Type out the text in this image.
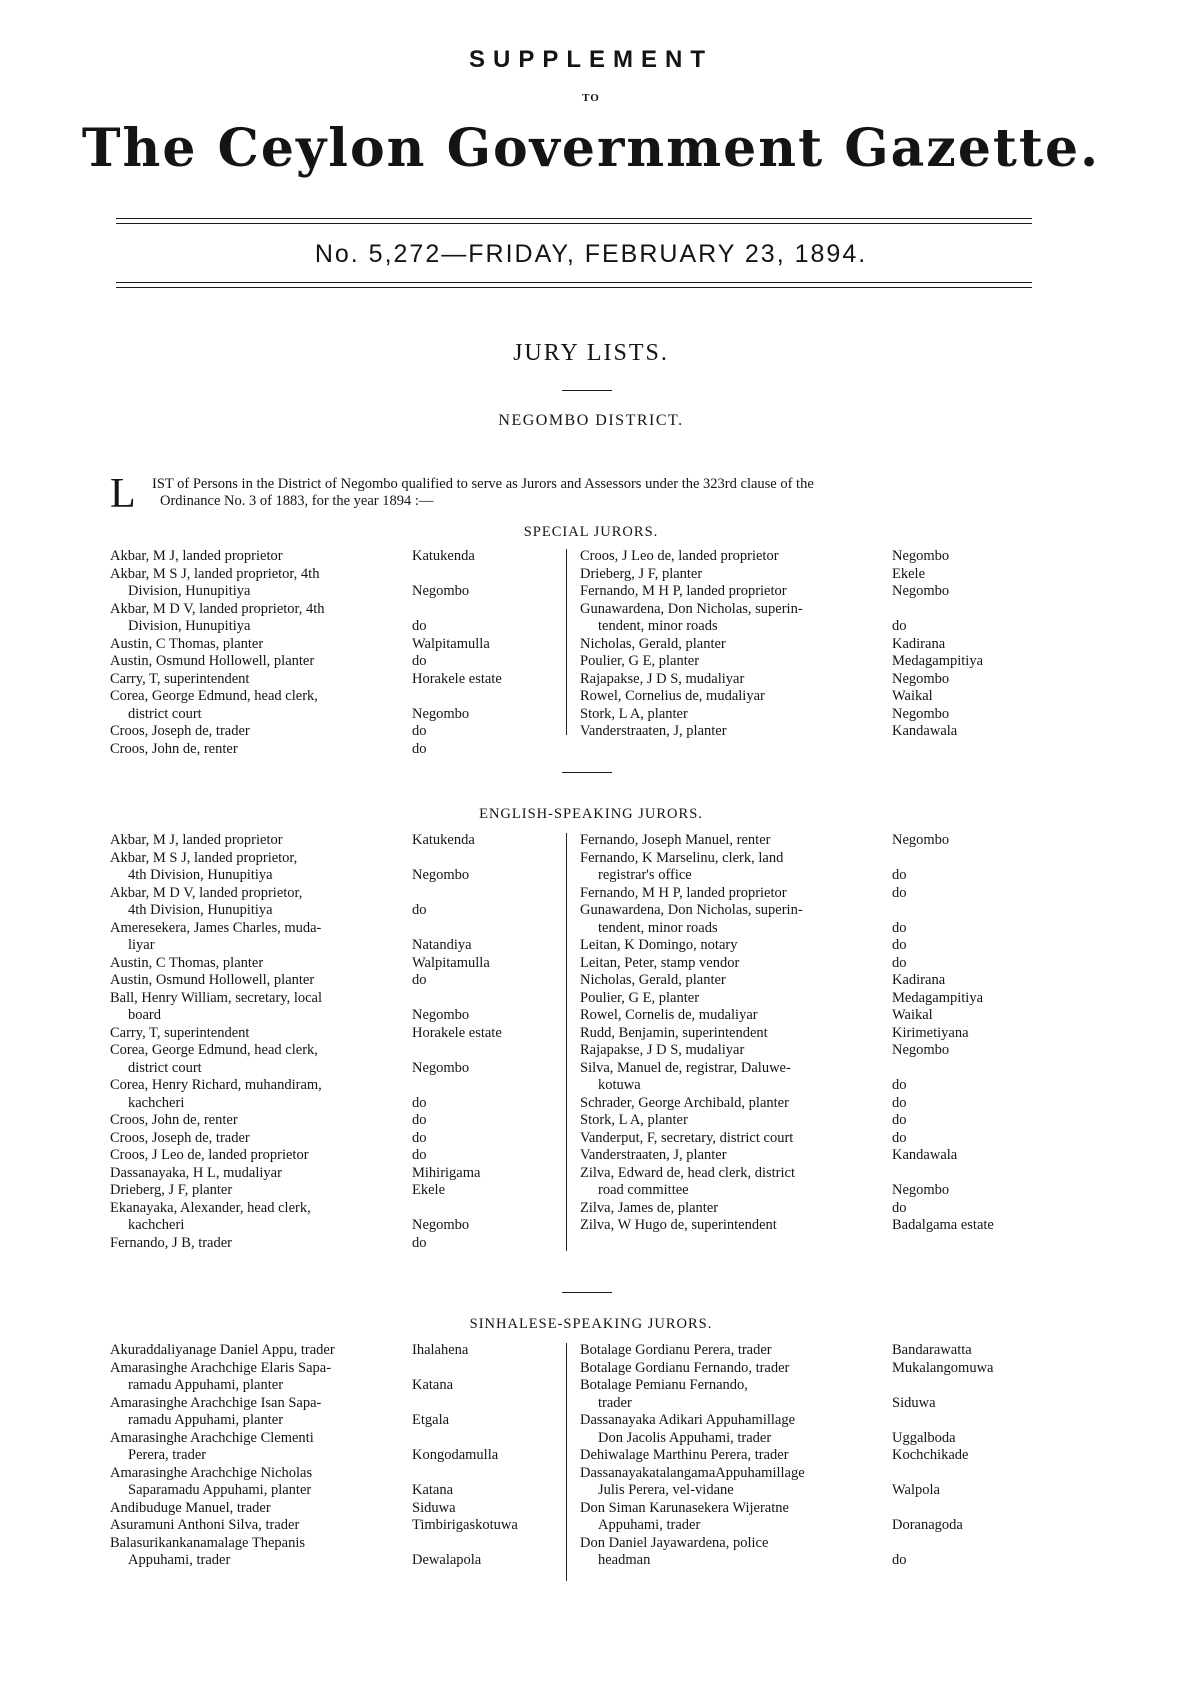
SUPPLEMENT
TO
The Ceylon Government Gazette.
No. 5,272—FRIDAY, FEBRUARY 23, 1894.
JURY LISTS.
NEGOMBO DISTRICT.
L	IST of Persons in the District of Negombo qualified to serve as Jurors and Assessors under the 323rd clause of the
Ordinance No. 3 of 1883, for the year 1894 :—
SPECIAL JURORS.
Akbar, M J, landed proprietor	Katukenda
Akbar, M S J, landed proprietor, 4th
Division, Hunupitiya	Negombo
Akbar, M D V, landed proprietor, 4th
Division, Hunupitiya	do
Austin, C Thomas, planter	Walpitamulla
Austin, Osmund Hollowell, planter	do
Carry, T, superintendent	Horakele estate
Corea, George Edmund, head clerk,
district court	Negombo
Croos, Joseph de, trader	do
Croos, John de, renter	do
Croos, J Leo de, landed proprietor	Negombo
Drieberg, J F, planter	Ekele
Fernando, M H P, landed proprietor	Negombo
Gunawardena, Don Nicholas, superin-
tendent, minor roads	do
Nicholas, Gerald, planter	Kadirana
Poulier, G E, planter	Medagampitiya
Rajapakse, J D S, mudaliyar	Negombo
Rowel, Cornelius de, mudaliyar	Waikal
Stork, L A, planter	Negombo
Vanderstraaten, J, planter	Kandawala
ENGLISH-SPEAKING JURORS.
Akbar, M J, landed proprietor	Katukenda
Akbar, M S J, landed proprietor,
4th Division, Hunupitiya	Negombo
Akbar, M D V, landed proprietor,
4th Division, Hunupitiya	do
Ameresekera, James Charles, muda-
liyar	Natandiya
Austin, C Thomas, planter	Walpitamulla
Austin, Osmund Hollowell, planter	do
Ball, Henry William, secretary, local
board	Negombo
Carry, T, superintendent	Horakele estate
Corea, George Edmund, head clerk,
district court	Negombo
Corea, Henry Richard, muhandiram,
kachcheri	do
Croos, John de, renter	do
Croos, Joseph de, trader	do
Croos, J Leo de, landed proprietor	do
Dassanayaka, H L, mudaliyar	Mihirigama
Drieberg, J F, planter	Ekele
Ekanayaka, Alexander, head clerk,
kachcheri	Negombo
Fernando, J B, trader	do
Fernando, Joseph Manuel, renter	Negombo
Fernando, K Marselinu, clerk, land
registrar's office	do
Fernando, M H P, landed proprietor	do
Gunawardena, Don Nicholas, superin-
tendent, minor roads	do
Leitan, K Domingo, notary	do
Leitan, Peter, stamp vendor	do
Nicholas, Gerald, planter	Kadirana
Poulier, G E, planter	Medagampitiya
Rowel, Cornelis de, mudaliyar	Waikal
Rudd, Benjamin, superintendent	Kirimetiyana
Rajapakse, J D S, mudaliyar	Negombo
Silva, Manuel de, registrar, Daluwe-
kotuwa	do
Schrader, George Archibald, planter	do
Stork, L A, planter	do
Vanderput, F, secretary, district court	do
Vanderstraaten, J, planter	Kandawala
Zilva, Edward de, head clerk, district
road committee	Negombo
Zilva, James de, planter	do
Zilva, W Hugo de, superintendent	Badalgama estate
SINHALESE-SPEAKING JURORS.
Akuraddaliyanage Daniel Appu, trader	Ihalahena
Amarasinghe Arachchige Elaris Sapa-
ramadu Appuhami, planter	Katana
Amarasinghe Arachchige Isan Sapa-
ramadu Appuhami, planter	Etgala
Amarasinghe Arachchige Clementi
Perera, trader	Kongodamulla
Amarasinghe Arachchige Nicholas
Saparamadu Appuhami, planter	Katana
Andibuduge Manuel, trader	Siduwa
Asuramuni Anthoni Silva, trader	Timbirigaskotuwa
Balasurikankanamalage Thepanis
Appuhami, trader	Dewalapola
Botalage Gordianu Perera, trader	Bandarawatta
Botalage Gordianu Fernando, trader	Mukalangomuwa
Botalage Pemianu Fernando,
trader	Siduwa
Dassanayaka Adikari Appuhamillage
Don Jacolis Appuhami, trader	Uggalboda
Dehiwalage Marthinu Perera, trader	Kochchikade
DassanayakatalangamaAppuhamillage
Julis Perera, vel-vidane	Walpola
Don Siman Karunasekera Wijeratne
Appuhami, trader	Doranagoda
Don Daniel Jayawardena, police
headman	do
